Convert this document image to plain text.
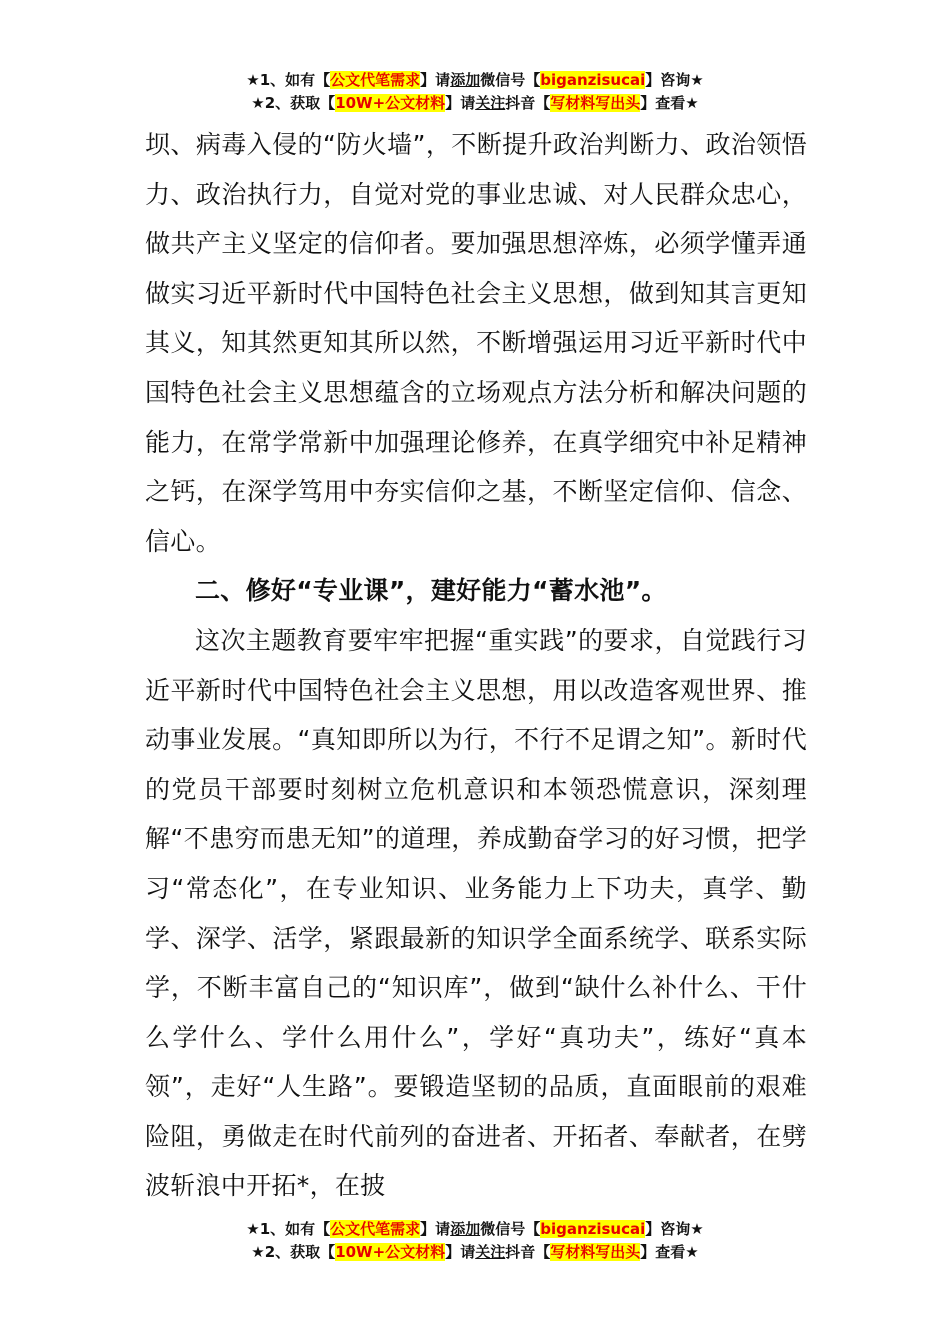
★1、如有【公文代笔需求】请添加微信号【biganzisucai】咨询★
★2、获取【10W+公文材料】请关注抖音【写材料写出头】查看★

坝、病毒入侵的“防火墙”，不断提升政治判断力、政治领悟力、政治执行力，自觉对党的事业忠诚、对人民群众忠心，做共产主义坚定的信仰者。要加强思想淬炼，必须学懂弄通做实习近平新时代中国特色社会主义思想，做到知其言更知其义，知其然更知其所以然，不断增强运用习近平新时代中国特色社会主义思想蕴含的立场观点方法分析和解决问题的能力，在常学常新中加强理论修养，在真学细究中补足精神之钙，在深学笃用中夯实信仰之基，不断坚定信仰、信念、信心。

二、修好“专业课”，建好能力“蓄水池”。

这次主题教育要牢牢把握“重实践”的要求，自觉践行习近平新时代中国特色社会主义思想，用以改造客观世界、推动事业发展。“真知即所以为行，不行不足谓之知”。新时代的党员干部要时刻树立危机意识和本领恐慌意识，深刻理解“不患穷而患无知”的道理，养成勤奋学习的好习惯，把学习“常态化”，在专业知识、业务能力上下功夫，真学、勤学、深学、活学，紧跟最新的知识学全面系统学、联系实际学，不断丰富自己的“知识库”，做到“缺什么补什么、干什么学什么、学什么用什么”，学好“真功夫”，练好“真本领”，走好“人生路”。要锻造坚韧的品质，直面眼前的艰难险阻，勇做走在时代前列的奋进者、开拓者、奉献者，在劈波斩浪中开拓*，在披

★1、如有【公文代笔需求】请添加微信号【biganzisucai】咨询★
★2、获取【10W+公文材料】请关注抖音【写材料写出头】查看★
